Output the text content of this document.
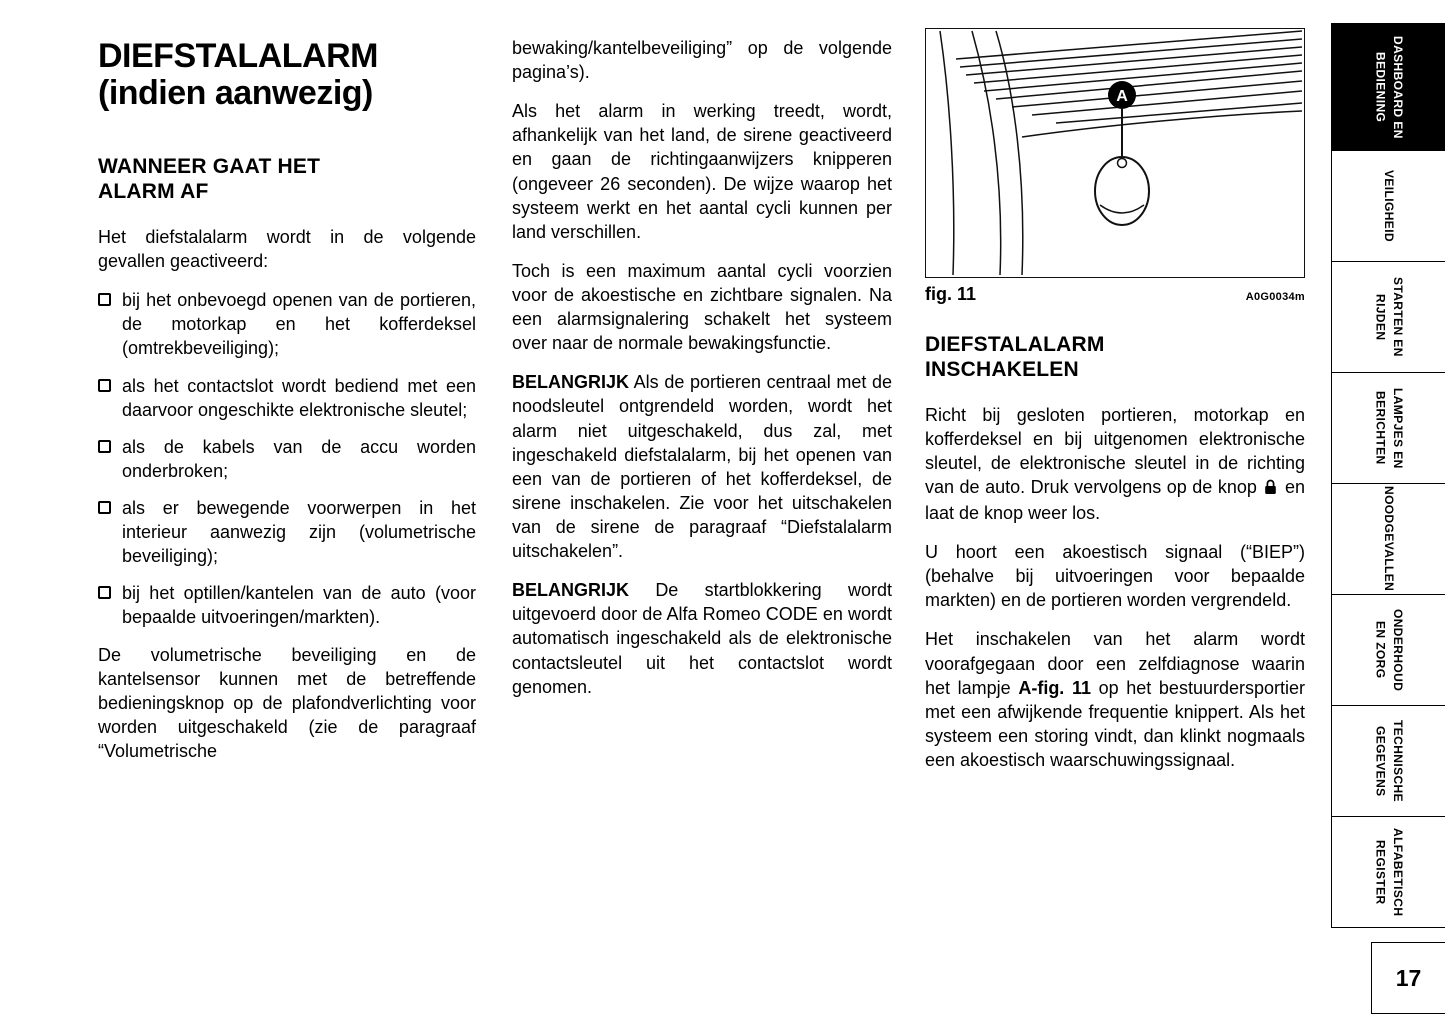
DIEFSTALALARM
(indien aanwezig)
WANNEER GAAT HET ALARM AF

Het diefstalalarm wordt in de volgende gevallen geactiveerd:

bij het onbevoegd openen van de portieren, de motorkap en het kofferdeksel (omtrekbeveiliging);

als het contactslot wordt bediend met een daarvoor ongeschikte elektronische sleutel;

als de kabels van de accu worden onderbroken;

als er bewegende voorwerpen in het interieur aanwezig zijn (volumetrische beveiliging);

bij het optillen/kantelen van de auto (voor bepaalde uitvoeringen/markten).

De volumetrische beveiliging en de kantelsensor kunnen met de betreffende bedieningsknop op de plafondverlichting voor worden uitgeschakeld (zie de paragraaf “Volumetrische

bewaking/kantelbeveiliging” op de volgende pagina’s).

Als het alarm in werking treedt, wordt, afhankelijk van het land, de sirene geactiveerd en gaan de richtingaanwijzers knipperen (ongeveer 26 seconden). De wijze waarop het systeem werkt en het aantal cycli kunnen per land verschillen.

Toch is een maximum aantal cycli voorzien voor de akoestische en zichtbare signalen. Na een alarmsignalering schakelt het systeem over naar de normale bewakingsfunctie.

BELANGRIJK Als de portieren centraal met de noodsleutel ontgrendeld worden, wordt het alarm niet uitgeschakeld, dus zal, met ingeschakeld diefstalalarm, bij het openen van een van de portieren of het kofferdeksel, de sirene inschakelen. Zie voor het uitschakelen van de sirene de paragraaf “Diefstalalarm uitschakelen”.

BELANGRIJK De startblokkering wordt uitgevoerd door de Alfa Romeo CODE en wordt automatisch ingeschakeld als de elektronische contactsleutel uit het contactslot wordt genomen.

A
fig. 11	A0G0034m
DIEFSTALALARM INSCHAKELEN

Richt bij gesloten portieren, motorkap en kofferdeksel en bij uitgenomen elektronische sleutel, de elektronische sleutel in de richting van de auto. Druk vervolgens op de knop en laat de knop weer los.

U hoort een akoestisch signaal (“BIEP”) (behalve bij uitvoeringen voor bepaalde markten) en de portieren worden vergrendeld.

Het inschakelen van het alarm wordt voorafgegaan door een zelfdiagnose waarin het lampje A-fig. 11 op het bestuurdersportier met een afwijkende frequentie knippert. Als het systeem een storing vindt, dan klinkt nogmaals een akoestisch waarschuwingssignaal.

DASHBOARD EN BEDIENING
VEILIGHEID
STARTEN EN RIJDEN
LAMPJES EN BERICHTEN
NOODGEVALLEN
ONDERHOUD EN ZORG
TECHNISCHE GEGEVENS
ALFABETISCH REGISTER
17
